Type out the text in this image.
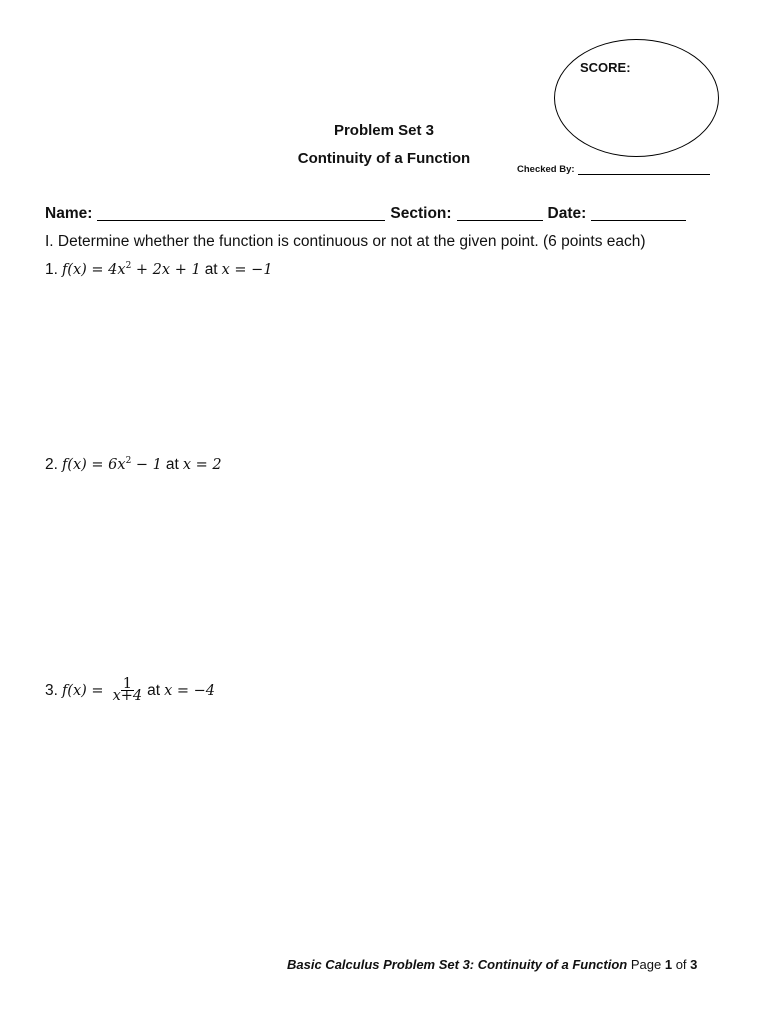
SCORE:
Problem Set 3
Continuity of a Function
Checked By:
Name:	Section:	Date:
I. Determine whether the function is continuous or not at the given point. (6 points each)
1. $f(x) = 4x^2 + 2x + 1$ at x = −1
2. $f(x) = 6x^2 - 1$ at x = 2
3. $f(x) = \frac{1}{x+4}$ at x = −4
Basic Calculus Problem Set 3: Continuity of a Function Page 1 of 3
